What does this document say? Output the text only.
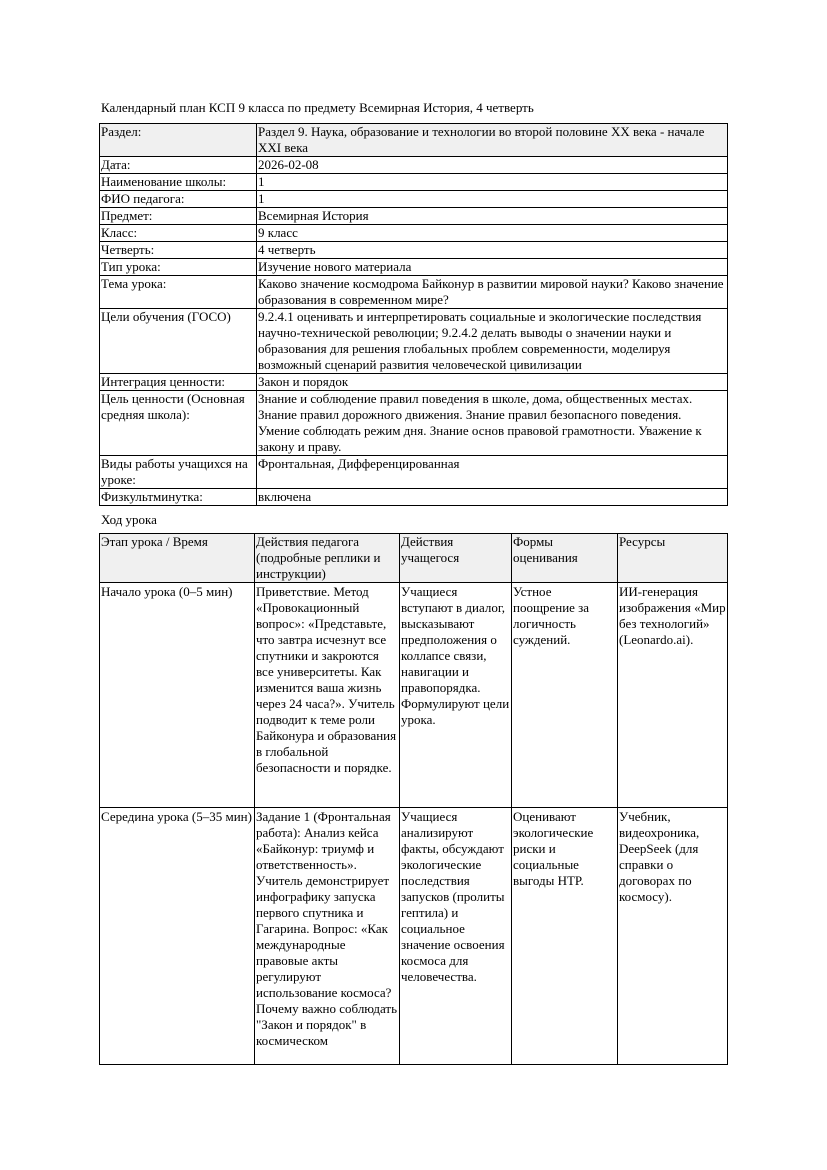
Календарный план КСП 9 класса по предмету Всемирная История, 4 четверть
Раздел:	Раздел 9. Наука, образование и технологии во второй половине XX века - начале XXI века
Дата:	2026-02-08
Наименование школы:	1
ФИО педагога:	1
Предмет:	Всемирная История
Класс:	9 класс
Четверть:	4 четверть
Тип урока:	Изучение нового материала
Тема урока:	Каково значение космодрома Байконур в развитии мировой науки? Каково значение образования в современном мире?
Цели обучения (ГОСО)	9.2.4.1 оценивать и интерпретировать социальные и экологические последствия научно-технической революции; 9.2.4.2 делать выводы о значении науки и образования для решения глобальных проблем современности, моделируя возможный сценарий развития человеческой цивилизации
Интеграция ценности:	Закон и порядок
Цель ценности (Основная средняя школа):	Знание и соблюдение правил поведения в школе, дома, общественных местах. Знание правил дорожного движения. Знание правил безопасного поведения. Умение соблюдать режим дня. Знание основ правовой грамотности. Уважение к закону и праву.
Виды работы учащихся на уроке:	Фронтальная, Дифференцированная
Физкультминутка:	включена
Ход урока
Этап урока / Время	Действия педагога (подробные реплики и инструкции)	Действия учащегося	Формы оценивания	Ресурсы
Начало урока (0–5 мин)	Приветствие. Метод «Провокационный вопрос»: «Представьте, что завтра исчезнут все спутники и закроются все университеты. Как изменится ваша жизнь через 24 часа?». Учитель подводит к теме роли Байконура и образования в глобальной безопасности и порядке.	Учащиеся вступают в диалог, высказывают предположения о коллапсе связи, навигации и правопорядка. Формулируют цели урока.	Устное поощрение за логичность суждений.	ИИ-генерация изображения «Мир без технологий» (Leonardo.ai).

Середина урока (5–35 мин)	Задание 1 (Фронтальная работа): Анализ кейса «Байконур: триумф и ответственность». Учитель демонстрирует инфографику запуска первого спутника и Гагарина. Вопрос: «Как международные правовые акты регулируют использование космоса? Почему важно соблюдать "Закон и порядок" в космическом	Учащиеся анализируют факты, обсуждают экологические последствия запусков (пролиты гептила) и социальное значение освоения космоса для человечества.	Оценивают экологические риски и социальные выгоды НТР.	Учебник, видеохроника, DeepSeek (для справки о договорах по космосу).
